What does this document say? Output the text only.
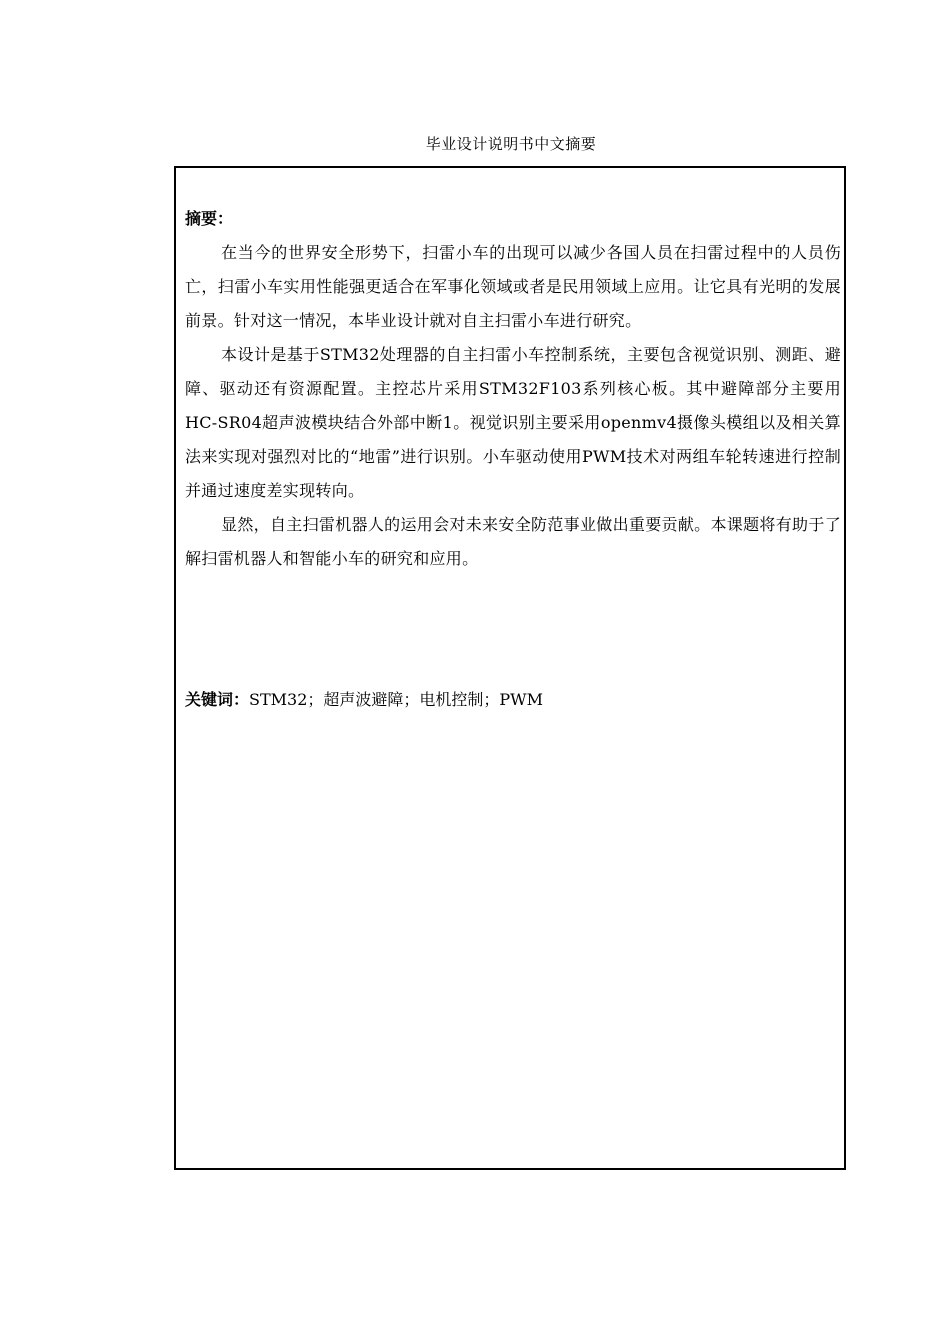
毕业设计说明书中文摘要
摘要：

在当今的世界安全形势下，扫雷小车的出现可以减少各国人员在扫雷过程中的人员伤亡，扫雷小车实用性能强更适合在军事化领域或者是民用领域上应用。让它具有光明的发展前景。针对这一情况，本毕业设计就对自主扫雷小车进行研究。

本设计是基于STM32处理器的自主扫雷小车控制系统，主要包含视觉识别、测距、避障、驱动还有资源配置。主控芯片采用STM32F103系列核心板。其中避障部分主要用HC-SR04超声波模块结合外部中断1。视觉识别主要采用openmv4摄像头模组以及相关算法来实现对强烈对比的“地雷”进行识别。小车驱动使用PWM技术对两组车轮转速进行控制并通过速度差实现转向。

显然，自主扫雷机器人的运用会对未来安全防范事业做出重要贡献。本课题将有助于了解扫雷机器人和智能小车的研究和应用。

关键词：STM32；超声波避障；电机控制；PWM
